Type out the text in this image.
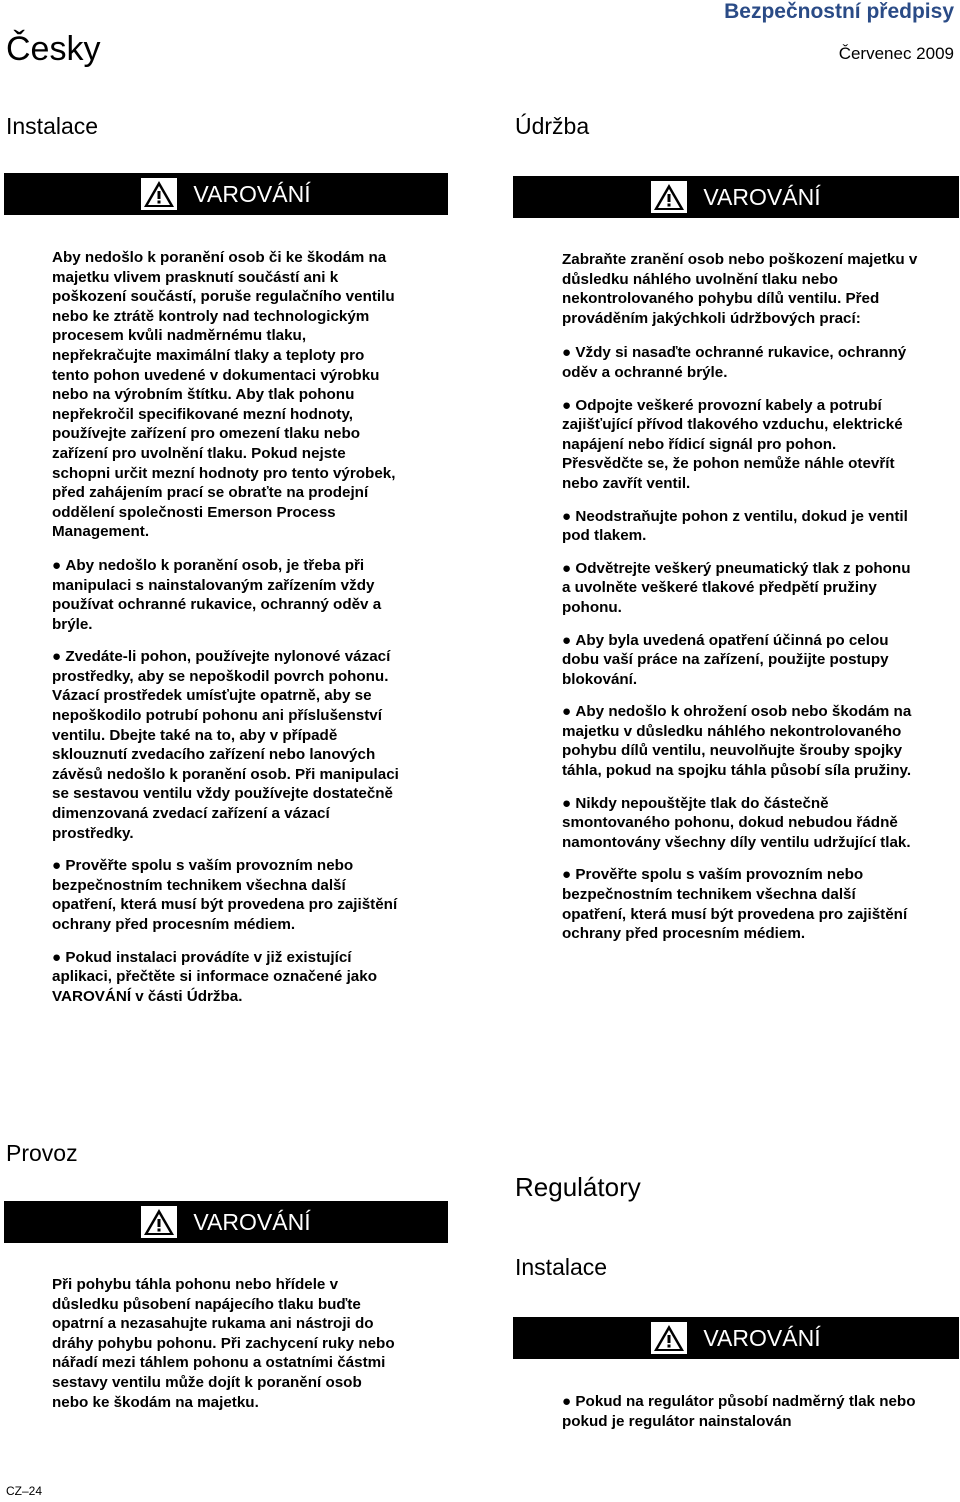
Bezpečnostní předpisy
Česky	Červenec 2009
Instalace
VAROVÁNÍ

Aby nedošlo k poranění osob či ke škodám na majetku vlivem prasknutí součástí ani k poškození součástí, poruše regulačního ventilu nebo ke ztrátě kontroly nad technologickým procesem kvůli nadměrnému tlaku, nepřekračujte maximální tlaky a teploty pro tento pohon uvedené v dokumentaci výrobku nebo na výrobním štítku. Aby tlak pohonu nepřekročil specifikované mezní hodnoty, používejte zařízení pro omezení tlaku nebo zařízení pro uvolnění tlaku. Pokud nejste schopni určit mezní hodnoty pro tento výrobek, před zahájením prací se obraťte na prodejní oddělení společnosti Emerson Process Management.

● Aby nedošlo k poranění osob, je třeba při manipulaci s nainstalovaným zařízením vždy používat ochranné rukavice, ochranný oděv a brýle.

● Zvedáte-li pohon, používejte nylonové vázací prostředky, aby se nepoškodil povrch pohonu. Vázací prostředek umísťujte opatrně, aby se nepoškodilo potrubí pohonu ani příslušenství ventilu. Dbejte také na to, aby v případě sklouznutí zvedacího zařízení nebo lanových závěsů nedošlo k poranění osob. Při manipulaci se sestavou ventilu vždy používejte dostatečně dimenzovaná zvedací zařízení a vázací prostředky.

● Prověřte spolu s vaším provozním nebo bezpečnostním technikem všechna další opatření, která musí být provedena pro zajištění ochrany před procesním médiem.

● Pokud instalaci provádíte v již existující aplikaci, přečtěte si informace označené jako VAROVÁNÍ v části Údržba.

Údržba
VAROVÁNÍ

Zabraňte zranění osob nebo poškození majetku v důsledku náhlého uvolnění tlaku nebo nekontrolovaného pohybu dílů ventilu. Před prováděním jakýchkoli údržbových prací:

● Vždy si nasaďte ochranné rukavice, ochranný oděv a ochranné brýle.

● Odpojte veškeré provozní kabely a potrubí zajišťující přívod tlakového vzduchu, elektrické napájení nebo řídicí signál pro pohon. Přesvědčte se, že pohon nemůže náhle otevřít nebo zavřít ventil.

● Neodstraňujte pohon z ventilu, dokud je ventil pod tlakem.

● Odvětrejte veškerý pneumatický tlak z pohonu a uvolněte veškeré tlakové předpětí pružiny pohonu.

● Aby byla uvedená opatření účinná po celou dobu vaší práce na zařízení, použijte postupy blokování.

● Aby nedošlo k ohrožení osob nebo škodám na majetku v důsledku náhlého nekontrolovaného pohybu dílů ventilu, neuvolňujte šrouby spojky táhla, pokud na spojku táhla působí síla pružiny.

● Nikdy nepouštějte tlak do částečně smontovaného pohonu, dokud nebudou řádně namontovány všechny díly ventilu udržující tlak.

● Prověřte spolu s vaším provozním nebo bezpečnostním technikem všechna další opatření, která musí být provedena pro zajištění ochrany před procesním médiem.

Provoz
VAROVÁNÍ

Při pohybu táhla pohonu nebo hřídele v důsledku působení napájecího tlaku buďte opatrní a nezasahujte rukama ani nástroji do dráhy pohybu pohonu. Při zachycení ruky nebo nářadí mezi táhlem pohonu a ostatními částmi sestavy ventilu může dojít k poranění osob nebo ke škodám na majetku.

Regulátory
Instalace
VAROVÁNÍ

● Pokud na regulátor působí nadměrný tlak nebo pokud je regulátor nainstalován

CZ–24
